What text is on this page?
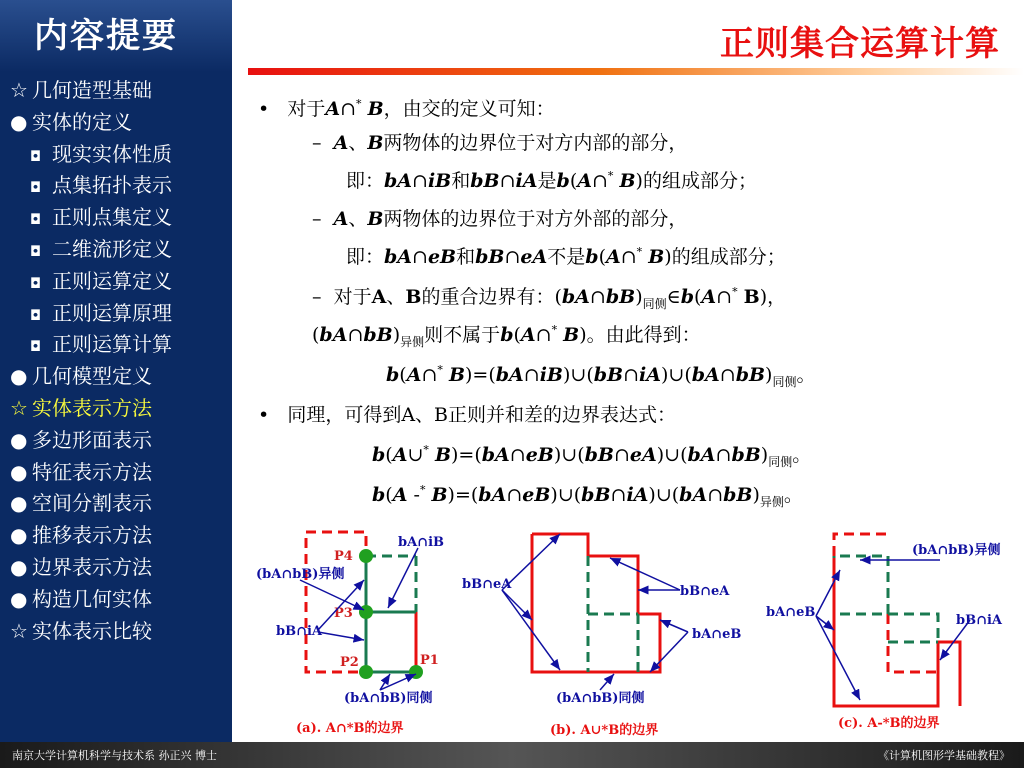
内容提要
☆ 几何造型基础
● 实体的定义
◘ 现实实体性质
◘ 点集拓扑表示
◘ 正则点集定义
◘ 二维流形定义
◘ 正则运算定义
◘ 正则运算原理
◘ 正则运算计算
● 几何模型定义
☆ 实体表示方法
● 多边形面表示
● 特征表示方法
● 空间分割表示
● 推移表示方法
● 边界表示方法
● 构造几何实体
☆ 实体表示比较
正则集合运算计算
•   对于A∩* B，由交的定义可知：
–  A、B两物体的边界位于对方内部的部分，
即：bA∩iB和bB∩iA是b(A∩* B)的组成部分；
–  A、B两物体的边界位于对方外部的部分，
即：bA∩eB和bB∩eA不是b(A∩* B)的组成部分；
–  对于A、B的重合边界有：$(bA\cap bB)_{同侧}\in b(A\cap^*$ B)，
$(bA\cap bB)_{异侧}$则不属于b(A∩* B)。由此得到：
b(A∩* $B)=(bA\cap iB)\cup(bB\cap iA)\cup(bA\cap bB)_{同侧}$。
•   同理，可得到A、B正则并和差的边界表达式：
b(A∪* $B)=(bA\cap eB)\cup(bB\cap eA)\cup(bA\cap bB)_{同侧}$。
b(A -* $B)=(bA\cap eB)\cup(bB\cap iA)\cup(bA\cap bB)_{异侧}$。
P4
P3
P2	P1
bA∩iB
(bA∩bB)异侧
bB∩iA
(bA∩bB)同侧
(a). A∩*B的边界
bB∩eA	bB∩eA
bA∩eB
(bA∩bB)同侧
(b). A∪*B的边界
(bA∩bB)异侧
bA∩eB
bB∩iA
(c). A-*B的边界
南京大学计算机科学与技术系 孙正兴 博士	《计算机图形学基础教程》
